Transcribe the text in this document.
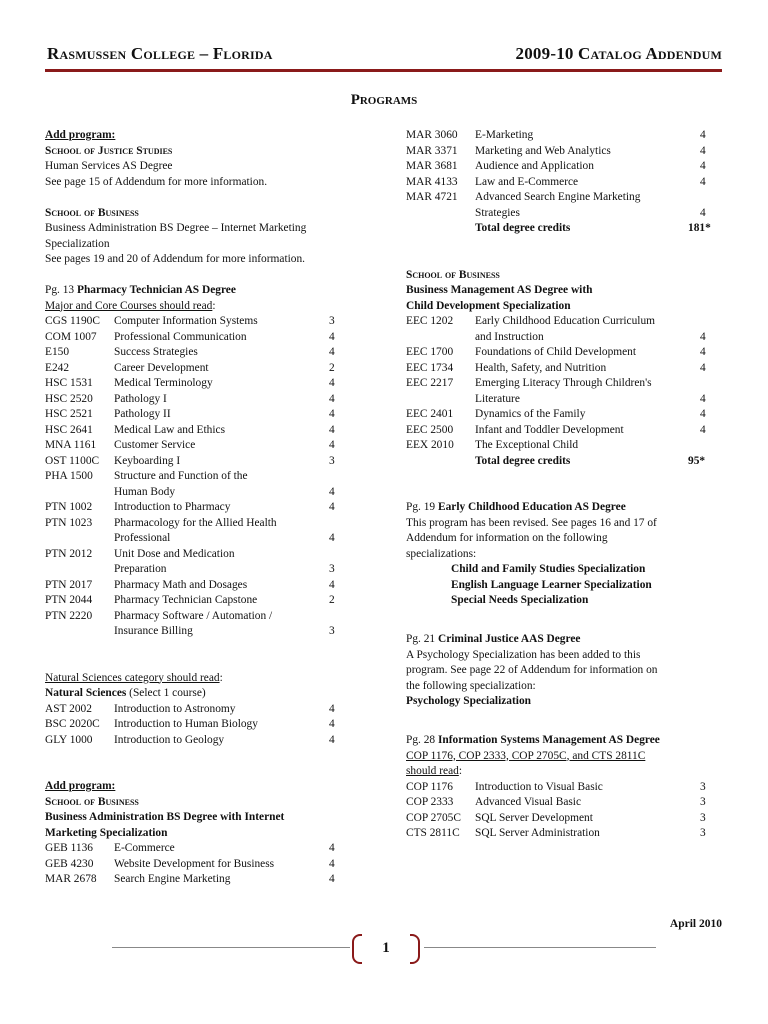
Rasmussen College – Florida	2009-10 Catalog Addendum
Programs
Add program:
School of Justice Studies
Human Services AS Degree
See page 15 of Addendum for more information.
School of Business
Business Administration BS Degree – Internet Marketing
Specialization
See pages 19 and 20 of Addendum for more information.
Pg. 13 Pharmacy Technician AS Degree
Major and Core Courses should read:
CGS 1190C	Computer Information Systems	3
COM 1007	Professional Communication	4
E150	Success Strategies	4
E242	Career Development	2
HSC 1531	Medical Terminology	4
HSC 2520	Pathology I	4
HSC 2521	Pathology II	4
HSC 2641	Medical Law and Ethics	4
MNA 1161	Customer Service	4
OST 1100C	Keyboarding I	3
PHA 1500	Structure and Function of the
Human Body	4
PTN 1002	Introduction to Pharmacy	4
PTN 1023	Pharmacology for the Allied Health
Professional	4
PTN 2012	Unit Dose and Medication
Preparation	3
PTN 2017	Pharmacy Math and Dosages	4
PTN 2044	Pharmacy Technician Capstone	2
PTN 2220	Pharmacy Software / Automation /
Insurance Billing	3
Natural Sciences category should read:
Natural Sciences (Select 1 course)
AST 2002	Introduction to Astronomy	4
BSC 2020C	Introduction to Human Biology	4
GLY 1000	Introduction to Geology	4
Add program:
School of Business
Business Administration BS Degree with Internet
Marketing Specialization
GEB 1136	E-Commerce	4
GEB 4230	Website Development for Business	4
MAR 2678	Search Engine Marketing	4
MAR 3060	E-Marketing	4
MAR 3371	Marketing and Web Analytics	4
MAR 3681	Audience and Application	4
MAR 4133	Law and E-Commerce	4
MAR 4721	Advanced Search Engine Marketing
Strategies	4
Total degree credits	181*
School of Business
Business Management AS Degree with
Child Development Specialization
EEC 1202	Early Childhood Education Curriculum
and Instruction	4
EEC 1700	Foundations of Child Development	4
EEC 1734	Health, Safety, and Nutrition	4
EEC 2217	Emerging Literacy Through Children's
Literature	4
EEC 2401	Dynamics of the Family	4
EEC 2500	Infant and Toddler Development	4
EEX 2010	The Exceptional Child
Total degree credits	95*
Pg. 19 Early Childhood Education AS Degree
This program has been revised. See pages 16 and 17 of
Addendum for information on the following
specializations:
Child and Family Studies Specialization
English Language Learner Specialization
Special Needs Specialization
Pg. 21 Criminal Justice AAS Degree
A Psychology Specialization has been added to this
program. See page 22 of Addendum for information on
the following specialization:
Psychology Specialization
Pg. 28 Information Systems Management AS Degree
COP 1176, COP 2333, COP 2705C, and CTS 2811C
should read:
COP 1176	Introduction to Visual Basic	3
COP 2333	Advanced Visual Basic	3
COP 2705C	SQL Server Development	3
CTS 2811C	SQL Server Administration	3
April 2010
1
